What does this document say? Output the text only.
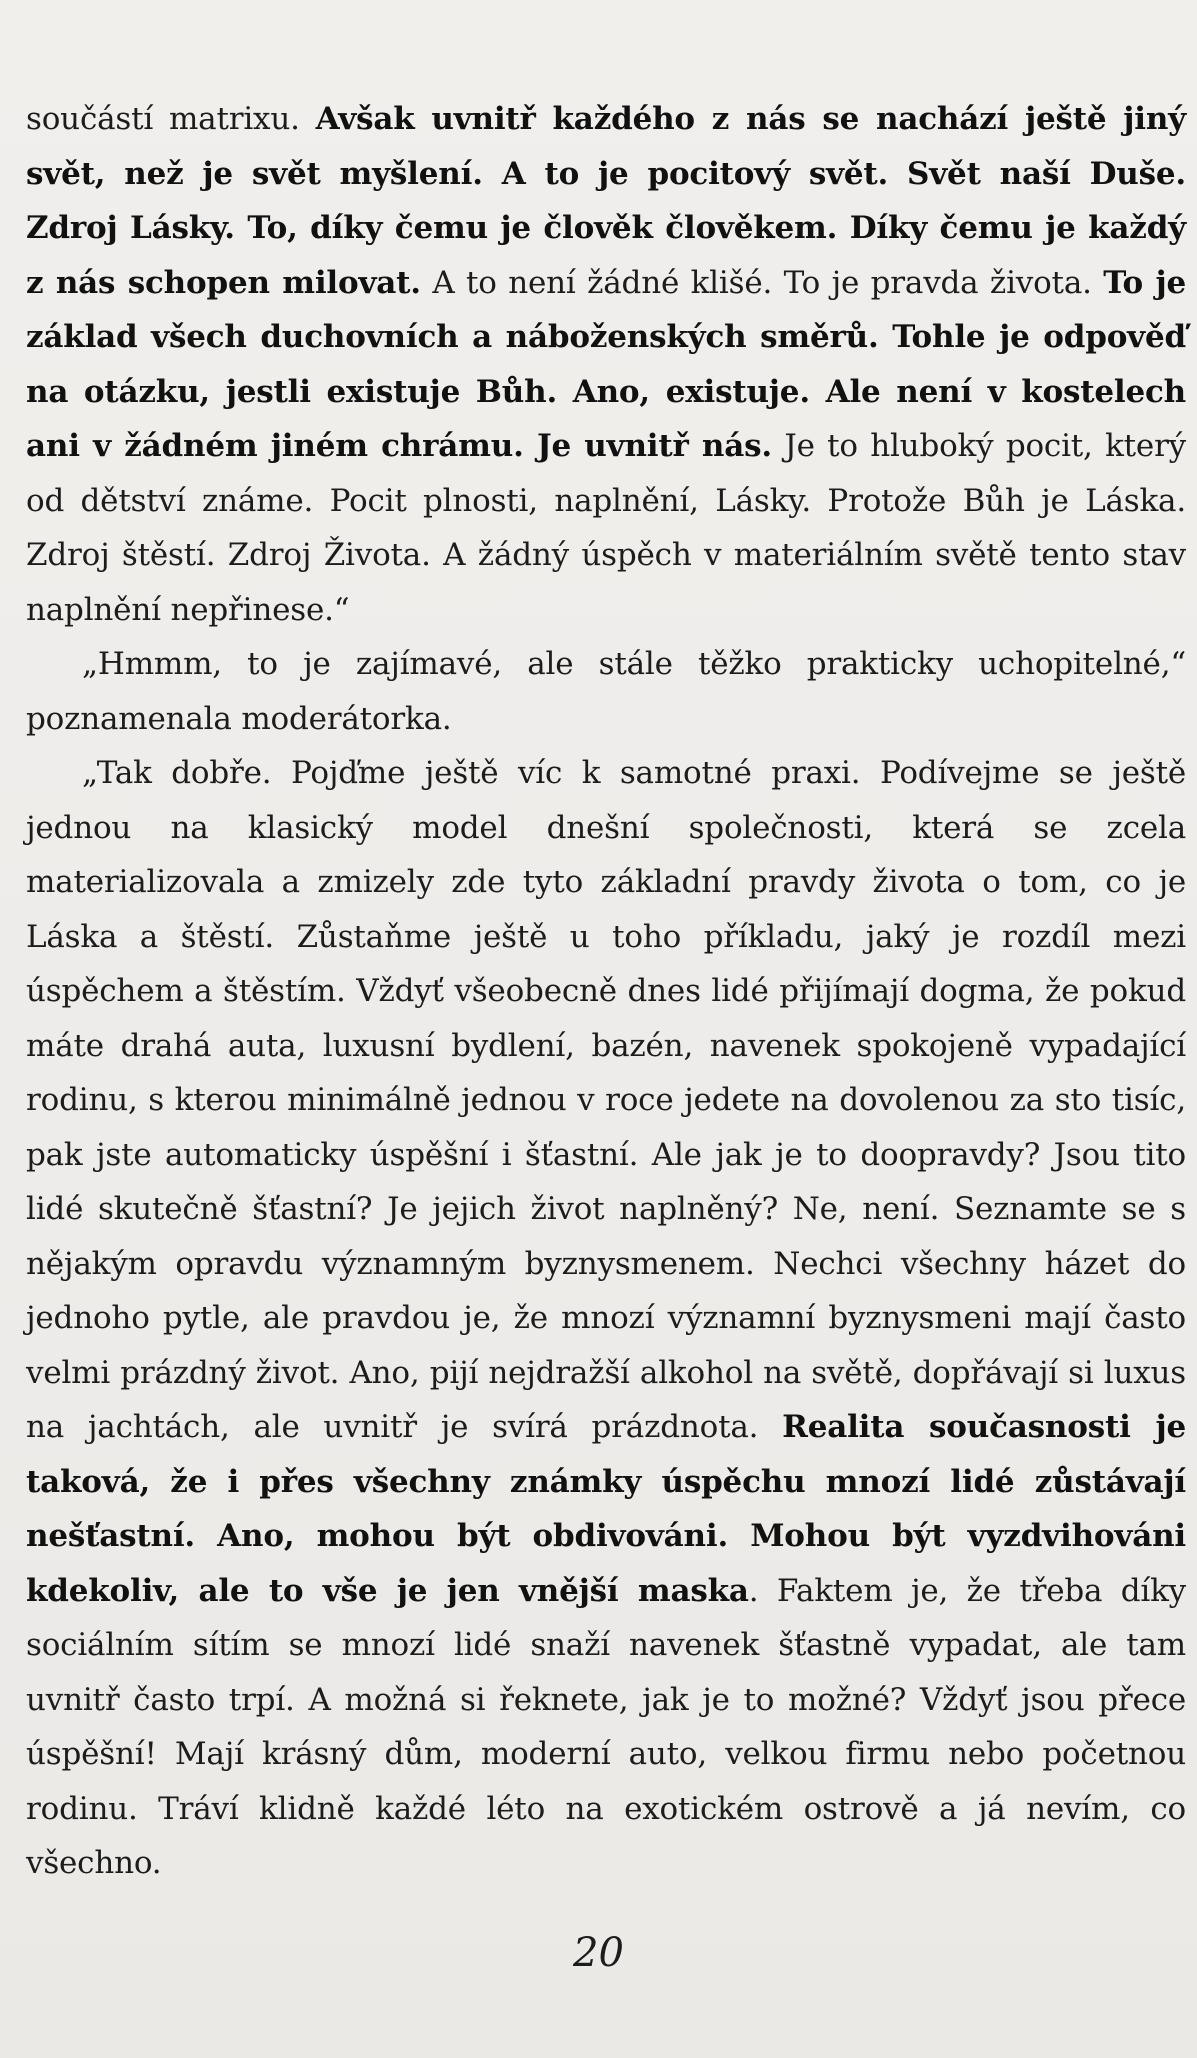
součástí matrixu. Avšak uvnitř každého z nás se nachází ještě jiný svět, než je svět myšlení. A to je pocitový svět. Svět naší Duše. Zdroj Lásky. To, díky čemu je člověk člověkem. Díky čemu je každý z nás schopen milovat. A to není žádné klišé. To je pravda života. To je základ všech duchovních a náboženských směrů. Tohle je odpověď na otázku, jestli existuje Bůh. Ano, existuje. Ale není v kostelech ani v žádném jiném chrámu. Je uvnitř nás. Je to hluboký pocit, který od dětství známe. Pocit plnosti, naplnění, Lásky. Protože Bůh je Láska. Zdroj štěstí. Zdroj Života. A žádný úspěch v materiálním světě tento stav naplnění nepřinese.“

„Hmmm, to je zajímavé, ale stále těžko prakticky uchopitelné,“ poznamenala moderátorka.

„Tak dobře. Pojďme ještě víc k samotné praxi. Podívejme se ještě jednou na klasický model dnešní společnosti, která se zcela materializovala a zmizely zde tyto základní pravdy života o tom, co je Láska a štěstí. Zůstaňme ještě u toho příkladu, jaký je rozdíl mezi úspěchem a štěstím. Vždyť všeobecně dnes lidé přijímají dogma, že pokud máte drahá auta, luxusní bydlení, bazén, navenek spokojeně vypadající rodinu, s kterou minimálně jednou v roce jedete na dovolenou za sto tisíc, pak jste automaticky úspěšní i šťastní. Ale jak je to doopravdy? Jsou tito lidé skutečně šťastní? Je jejich život naplněný? Ne, není. Seznamte se s nějakým opravdu významným byznysmenem. Nechci všechny házet do jednoho pytle, ale pravdou je, že mnozí významní byznysmeni mají často velmi prázdný život. Ano, pijí nejdražší alkohol na světě, dopřávají si luxus na jachtách, ale uvnitř je svírá prázdnota. Realita současnosti je taková, že i přes všechny známky úspěchu mnozí lidé zůstávají nešťastní. Ano, mohou být obdivováni. Mohou být vyzdvihováni kdekoliv, ale to vše je jen vnější maska. Faktem je, že třeba díky sociálním sítím se mnozí lidé snaží navenek šťastně vypadat, ale tam uvnitř často trpí. A možná si řeknete, jak je to možné? Vždyť jsou přece úspěšní! Mají krásný dům, moderní auto, velkou firmu nebo početnou rodinu. Tráví klidně každé léto na exotickém ostrově a já nevím, co všechno.

20
